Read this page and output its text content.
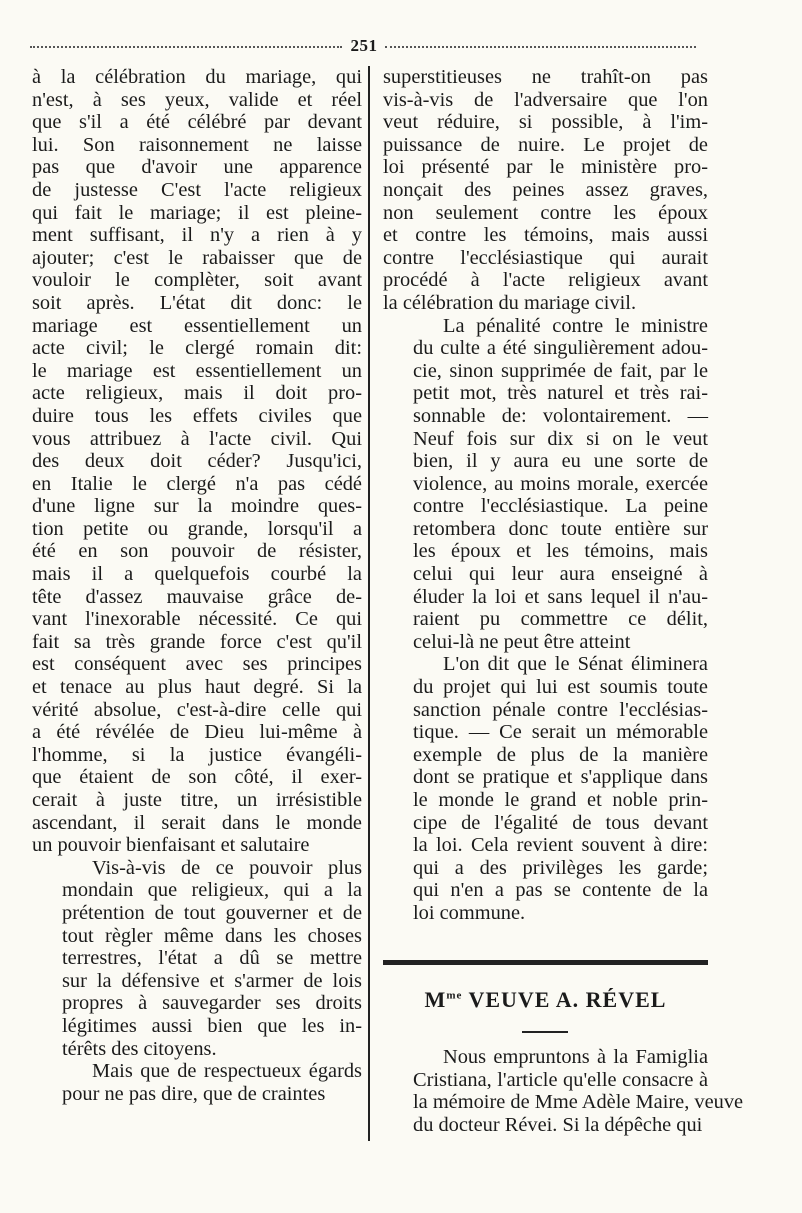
251

à la célébration du mariage, qui
n'est, à ses yeux, valide et réel
que s'il a été célébré par devant
lui. Son raisonnement ne laisse
pas que d'avoir une apparence
de justesse C'est l'acte religieux
qui fait le mariage; il est pleine-
ment suffisant, il n'y a rien à y
ajouter; c'est le rabaisser que de
vouloir le complèter, soit avant
soit après. L'état dit donc: le
mariage est essentiellement un
acte civil; le clergé romain dit:
le mariage est essentiellement un
acte religieux, mais il doit pro-
duire tous les effets civiles que
vous attribuez à l'acte civil. Qui
des deux doit céder? Jusqu'ici,
en Italie le clergé n'a pas cédé
d'une ligne sur la moindre ques-
tion petite ou grande, lorsqu'il a
été en son pouvoir de résister,
mais il a quelquefois courbé la
tête d'assez mauvaise grâce de-
vant l'inexorable nécessité. Ce qui
fait sa très grande force c'est qu'il
est conséquent avec ses principes
et tenace au plus haut degré. Si la
vérité absolue, c'est-à-dire celle qui
a été révélée de Dieu lui-même à
l'homme, si la justice évangéli-
que étaient de son côté, il exer-
cerait à juste titre, un irrésistible
ascendant, il serait dans le monde
un pouvoir bienfaisant et salutaire

Vis-à-vis de ce pouvoir plus
mondain que religieux, qui a la
prétention de tout gouverner et de
tout règler même dans les choses
terrestres, l'état a dû se mettre
sur la défensive et s'armer de lois
propres à sauvegarder ses droits
légitimes aussi bien que les in-
térêts des citoyens.

Mais que de respectueux égards
pour ne pas dire, que de craintes

superstitieuses ne trahît-on pas
vis-à-vis de l'adversaire que l'on
veut réduire, si possible, à l'im-
puissance de nuire. Le projet de
loi présenté par le ministère pro-
nonçait des peines assez graves,
non seulement contre les époux
et contre les témoins, mais aussi
contre l'ecclésiastique qui aurait
procédé à l'acte religieux avant
la célébration du mariage civil.

La pénalité contre le ministre
du culte a été singulièrement adou-
cie, sinon supprimée de fait, par le
petit mot, très naturel et très rai-
sonnable de: volontairement. —
Neuf fois sur dix si on le veut
bien, il y aura eu une sorte de
violence, au moins morale, exercée
contre l'ecclésiastique. La peine
retombera donc toute entière sur
les époux et les témoins, mais
celui qui leur aura enseigné à
éluder la loi et sans lequel il n'au-
raient pu commettre ce délit,
celui-là ne peut être atteint

L'on dit que le Sénat éliminera
du projet qui lui est soumis toute
sanction pénale contre l'ecclésias-
tique. — Ce serait un mémorable
exemple de plus de la manière
dont se pratique et s'applique dans
le monde le grand et noble prin-
cipe de l'égalité de tous devant
la loi. Cela revient souvent à dire:
qui a des privilèges les garde;
qui n'en a pas se contente de la
loi commune.

$M^{me}$ VEUVE A. RÉVEL

Nous empruntons à la Famiglia
Cristiana, l'article qu'elle consacre à
la mémoire de Mme Adèle Maire, veuve
du docteur Révei. Si la dépêche qui
